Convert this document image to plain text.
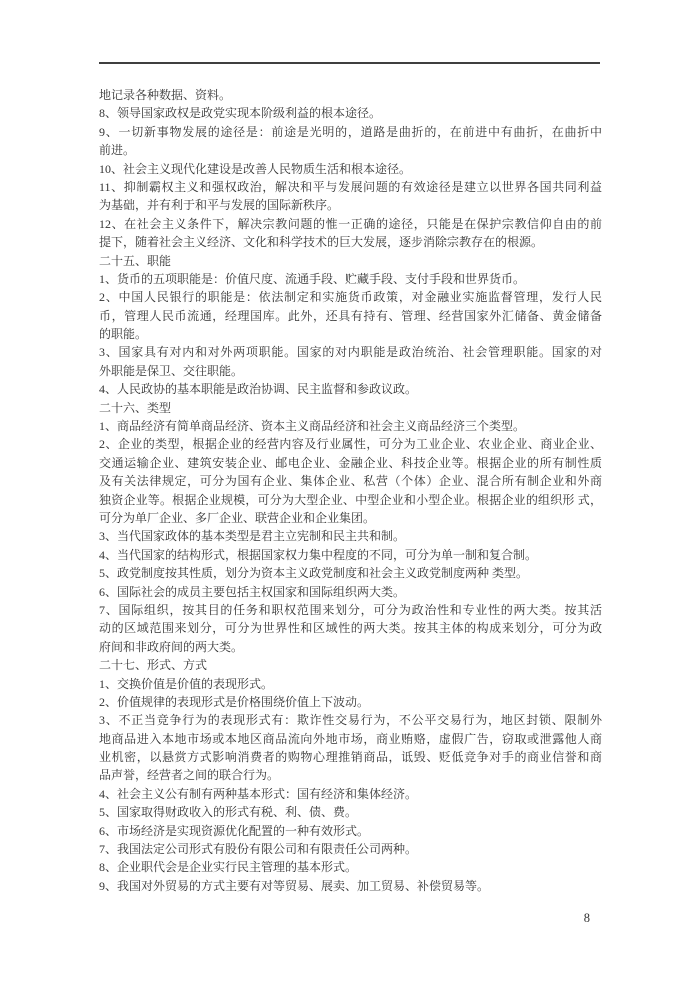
地记录各种数据、资料。
8、领导国家政权是政党实现本阶级利益的根本途径。
9、一切新事物发展的途径是：前途是光明的，道路是曲折的，在前进中有曲折，在曲折中
前进。
10、社会主义现代化建设是改善人民物质生活和根本途径。
11、抑制霸权主义和强权政治，解决和平与发展问题的有效途径是建立以世界各国共同利益
为基础，并有利于和平与发展的国际新秩序。
12、在社会主义条件下，解决宗教问题的惟一正确的途径，只能是在保护宗教信仰自由的前
提下，随着社会主义经济、文化和科学技术的巨大发展，逐步消除宗教存在的根源。
二十五、职能
1、货币的五项职能是：价值尺度、流通手段、贮藏手段、支付手段和世界货币。
2、中国人民银行的职能是：依法制定和实施货币政策，对金融业实施监督管理，发行人民
币，管理人民币流通，经理国库。此外，还具有持有、管理、经营国家外汇储备、黄金储备
的职能。
3、国家具有对内和对外两项职能。国家的对内职能是政治统治、社会管理职能。国家的对
外职能是保卫、交往职能。
4、人民政协的基本职能是政治协调、民主监督和参政议政。
二十六、类型
1、商品经济有简单商品经济、资本主义商品经济和社会主义商品经济三个类型。
2、企业的类型，根据企业的经营内容及行业属性，可分为工业企业、农业企业、商业企业、
交通运输企业、建筑安装企业、邮电企业、金融企业、科技企业等。根据企业的所有制性质
及有关法律规定，可分为国有企业、集体企业、私营（个体）企业、混合所有制企业和外商
独资企业等。根据企业规模，可分为大型企业、中型企业和小型企业。根据企业的组织形 式，
可分为单厂企业、多厂企业、联营企业和企业集团。
3、当代国家政体的基本类型是君主立宪制和民主共和制。
4、当代国家的结构形式，根据国家权力集中程度的不同，可分为单一制和复合制。
5、政党制度按其性质，划分为资本主义政党制度和社会主义政党制度两种 类型。
6、国际社会的成员主要包括主权国家和国际组织两大类。
7、国际组织，按其目的任务和职权范围来划分，可分为政治性和专业性的两大类。按其活
动的区域范围来划分，可分为世界性和区域性的两大类。按其主体的构成来划分，可分为政
府间和非政府间的两大类。
二十七、形式、方式
1、交换价值是价值的表现形式。
2、价值规律的表现形式是价格围绕价值上下波动。
3、不正当竞争行为的表现形式有：欺诈性交易行为，不公平交易行为，地区封锁、限制外
地商品进入本地市场或本地区商品流向外地市场，商业贿赂，虚假广告，窃取或泄露他人商
业机密，以悬赏方式影响消费者的购物心理推销商品，诋毁、贬低竞争对手的商业信誉和商
品声誉，经营者之间的联合行为。
4、社会主义公有制有两种基本形式：国有经济和集体经济。
5、国家取得财政收入的形式有税、利、债、费。
6、市场经济是实现资源优化配置的一种有效形式。
7、我国法定公司形式有股份有限公司和有限责任公司两种。
8、企业职代会是企业实行民主管理的基本形式。
9、我国对外贸易的方式主要有对等贸易、展卖、加工贸易、补偿贸易等。
8
